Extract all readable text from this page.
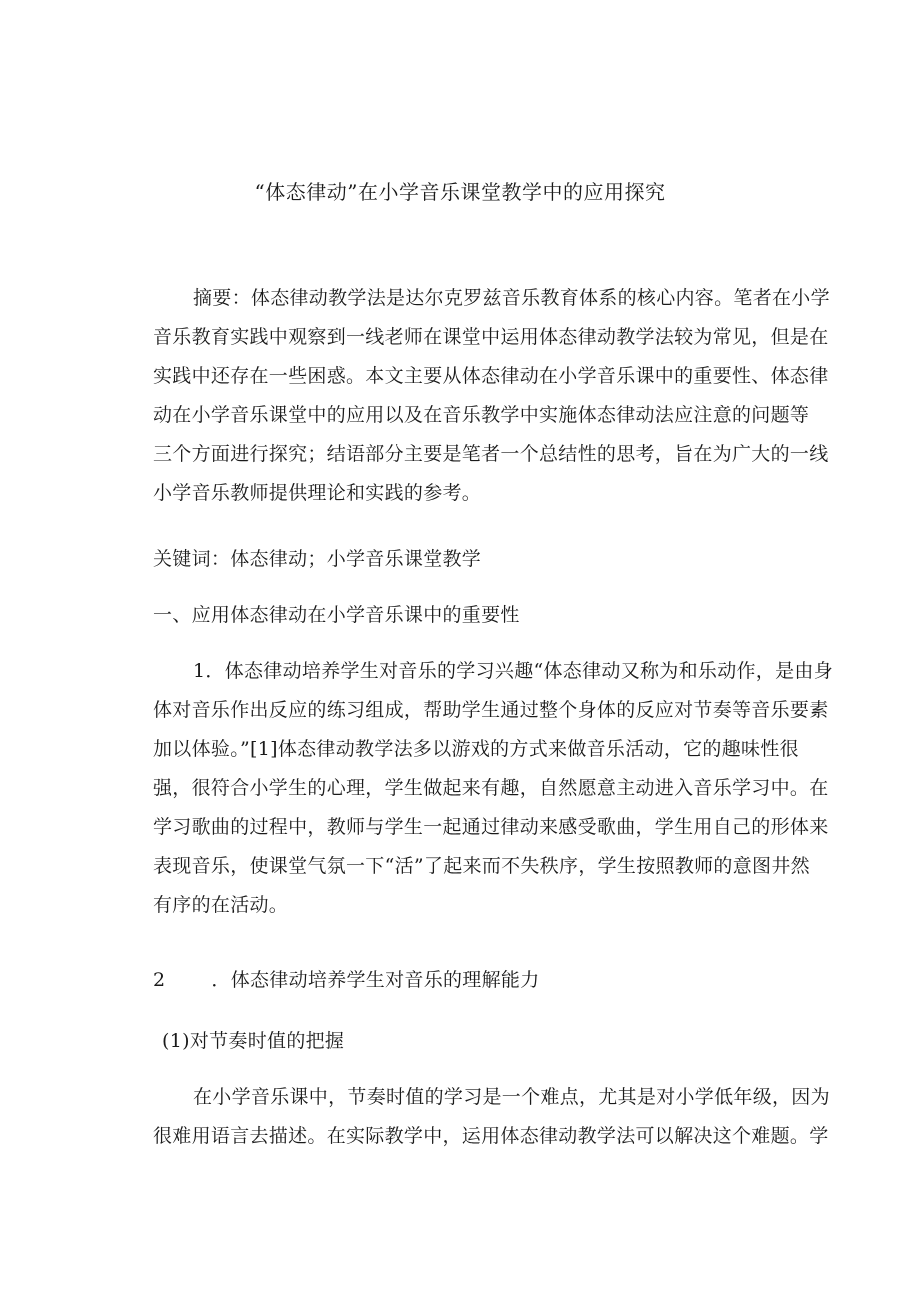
“体态律动”在小学音乐课堂教学中的应用探究
摘要：体态律动教学法是达尔克罗兹音乐教育体系的核心内容。笔者在小学
音乐教育实践中观察到一线老师在课堂中运用体态律动教学法较为常见，但是在
实践中还存在一些困惑。本文主要从体态律动在小学音乐课中的重要性、体态律
动在小学音乐课堂中的应用以及在音乐教学中实施体态律动法应注意的问题等
三个方面进行探究；结语部分主要是笔者一个总结性的思考，旨在为广大的一线
小学音乐教师提供理论和实践的参考。
关键词：体态律动；小学音乐课堂教学
一、应用体态律动在小学音乐课中的重要性
1．体态律动培养学生对音乐的学习兴趣“体态律动又称为和乐动作，是由身
体对音乐作出反应的练习组成，帮助学生通过整个身体的反应对节奏等音乐要素
加以体验。”[1]体态律动教学法多以游戏的方式来做音乐活动，它的趣味性很
强，很符合小学生的心理，学生做起来有趣，自然愿意主动进入音乐学习中。在
学习歌曲的过程中，教师与学生一起通过律动来感受歌曲，学生用自己的形体来
表现音乐，使课堂气氛一下“活”了起来而不失秩序，学生按照教师的意图井然
有序的在活动。
2 ．体态律动培养学生对音乐的理解能力
(1)对节奏时值的把握
在小学音乐课中，节奏时值的学习是一个难点，尤其是对小学低年级，因为
很难用语言去描述。在实际教学中，运用体态律动教学法可以解决这个难题。学
